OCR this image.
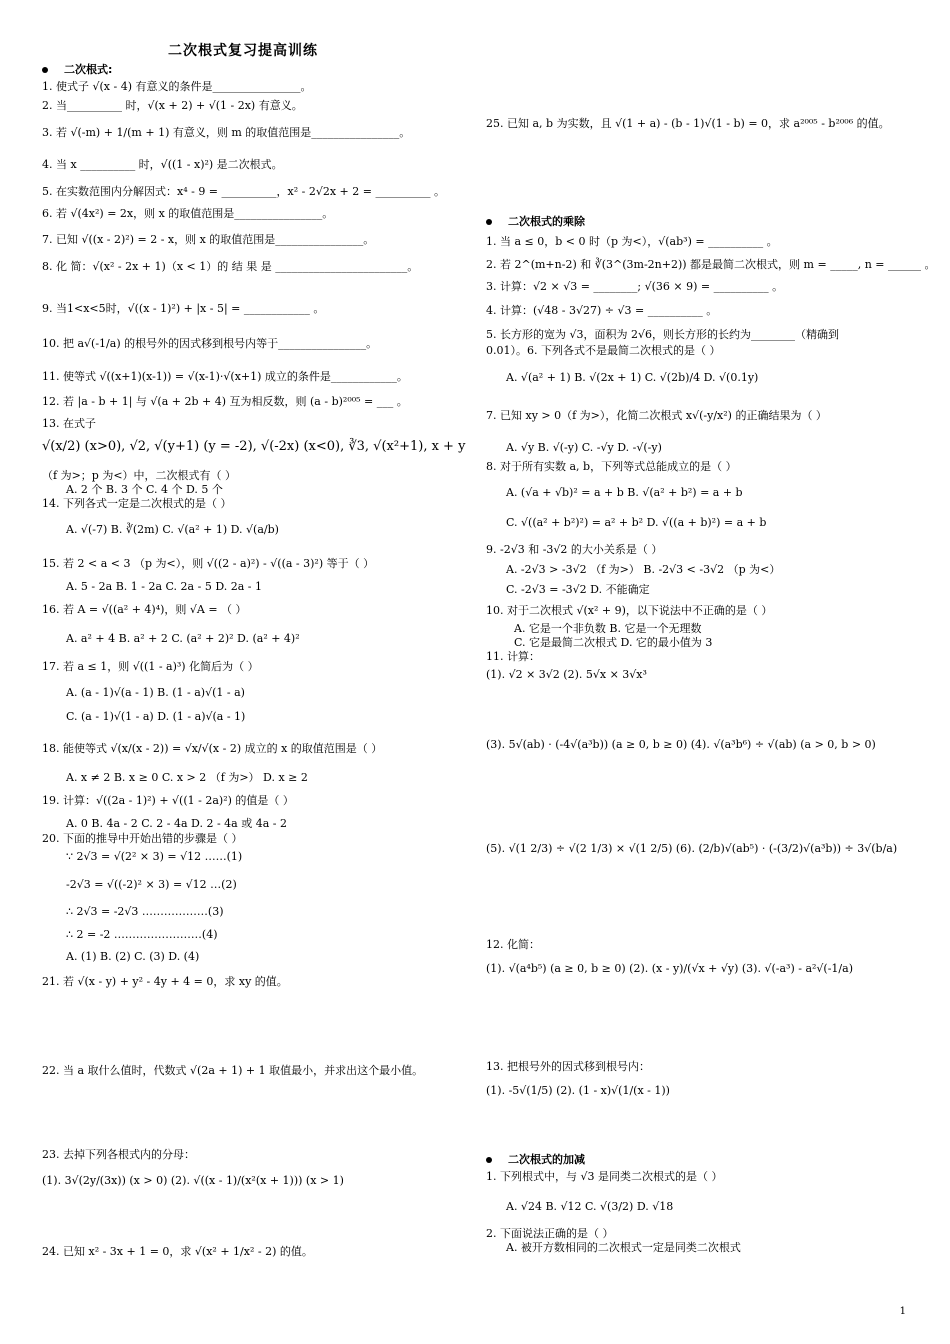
二次根式复习提高训练
二次根式:
1. 使式子 √(x - 4) 有意义的条件是________________。
2. 当__________ 时，√(x + 2) + √(1 - 2x) 有意义。
3. 若 √(-m) + 1/(m + 1) 有意义，则 m 的取值范围是________________。
4. 当 x __________ 时，√((1 - x)²) 是二次根式。
5. 在实数范围内分解因式：x⁴ - 9 = __________，x² - 2√2x + 2 = __________ 。
6. 若 √(4x²) = 2x，则 x 的取值范围是________________。
7. 已知 √((x - 2)²) = 2 - x，则 x 的取值范围是________________。
8. 化 简：√(x² - 2x + 1)（x < 1）的 结 果 是 ________________________。
9. 当1<x<5时，√((x - 1)²) + |x - 5| = ____________ 。
10. 把 a√(-1/a) 的根号外的因式移到根号内等于________________。
11. 使等式 √((x+1)(x-1)) = √(x-1)·√(x+1) 成立的条件是____________。
12. 若 |a - b + 1| 与 √(a + 2b + 4) 互为相反数，则 (a - b)²⁰⁰⁵ = ___ 。
13. 在式子
√(x/2) (x>0), √2, √(y+1) (y = -2), √(-2x) (x<0), ∛3, √(x²+1), x + y
（f 为>；p 为<）中，二次根式有（ ）
A. 2 个 B. 3 个 C. 4 个 D. 5 个
14. 下列各式一定是二次根式的是（ ）
A. √(-7) B. ∛(2m) C. √(a² + 1) D. √(a/b)
15. 若 2 < a < 3 （p 为<），则 √((2 - a)²) - √((a - 3)²) 等于（ ）
A. 5 - 2a B. 1 - 2a C. 2a - 5 D. 2a - 1
16. 若 A = √((a² + 4)⁴)，则 √A = （ ）
A. a² + 4 B. a² + 2 C. (a² + 2)² D. (a² + 4)²
17. 若 a ≤ 1，则 √((1 - a)³) 化简后为（ ）
A. (a - 1)√(a - 1) B. (1 - a)√(1 - a)
C. (a - 1)√(1 - a) D. (1 - a)√(a - 1)
18. 能使等式 √(x/(x - 2)) = √x/√(x - 2) 成立的 x 的取值范围是（ ）
A. x ≠ 2 B. x ≥ 0 C. x > 2 （f 为>） D. x ≥ 2
19. 计算：√((2a - 1)²) + √((1 - 2a)²) 的值是（ ）
A. 0 B. 4a - 2 C. 2 - 4a D. 2 - 4a 或 4a - 2
20. 下面的推导中开始出错的步骤是（ ）
∵ 2√3 = √(2² × 3) = √12 ……(1)
-2√3 = √((-2)² × 3) = √12 …(2)
∴ 2√3 = -2√3 ………………(3)
∴ 2 = -2 ……………………(4)
A. (1) B. (2) C. (3) D. (4)
21. 若 √(x - y) + y² - 4y + 4 = 0，求 xy 的值。
22. 当 a 取什么值时，代数式 √(2a + 1) + 1 取值最小，并求出这个最小值。
23. 去掉下列各根式内的分母：
(1). 3√(2y/(3x)) (x > 0) (2). √((x - 1)/(x²(x + 1))) (x > 1)
24. 已知 x² - 3x + 1 = 0，求 √(x² + 1/x² - 2) 的值。
25. 已知 a, b 为实数，且 √(1 + a) - (b - 1)√(1 - b) = 0，求 a²⁰⁰⁵ - b²⁰⁰⁶ 的值。
二次根式的乘除
1. 当 a ≤ 0，b < 0 时（p 为<），√(ab³) = __________ 。
2. 若 2^(m+n-2) 和 ∛(3^(3m-2n+2)) 都是最简二次根式，则 m = _____, n = ______ 。
3. 计算：√2 × √3 = ________; √(36 × 9) = __________ 。
4. 计算：(√48 - 3√27) ÷ √3 = __________ 。
5. 长方形的宽为 √3，面积为 2√6，则长方形的长约为________（精确到
0.01）。6. 下列各式不是最简二次根式的是（ ）
A. √(a² + 1) B. √(2x + 1) C. √(2b)/4 D. √(0.1y)
7. 已知 xy > 0（f 为>），化简二次根式 x√(-y/x²) 的正确结果为（ ）
A. √y B. √(-y) C. -√y D. -√(-y)
8. 对于所有实数 a, b，下列等式总能成立的是（ ）
A. (√a + √b)² = a + b B. √(a² + b²) = a + b
C. √((a² + b²)²) = a² + b² D. √((a + b)²) = a + b
9. -2√3 和 -3√2 的大小关系是（ ）
A. -2√3 > -3√2 （f 为>） B. -2√3 < -3√2 （p 为<）
C. -2√3 = -3√2 D. 不能确定
10. 对于二次根式 √(x² + 9)，以下说法中不正确的是（ ）
A. 它是一个非负数 B. 它是一个无理数
C. 它是最简二次根式 D. 它的最小值为 3
11. 计算：
(1). √2 × 3√2 (2). 5√x × 3√x³
(3). 5√(ab) · (-4√(a³b)) (a ≥ 0, b ≥ 0) (4). √(a³b⁶) ÷ √(ab) (a > 0, b > 0)
(5). √(1 2/3) ÷ √(2 1/3) × √(1 2/5) (6). (2/b)√(ab⁵) · (-(3/2)√(a³b)) ÷ 3√(b/a)
12. 化简：
(1). √(a⁴b⁵) (a ≥ 0, b ≥ 0) (2). (x - y)/(√x + √y) (3). √(-a³) - a²√(-1/a)
13. 把根号外的因式移到根号内：
(1). -5√(1/5) (2). (1 - x)√(1/(x - 1))
二次根式的加减
1. 下列根式中，与 √3 是同类二次根式的是（ ）
A. √24 B. √12 C. √(3/2) D. √18
2. 下面说法正确的是（ ）
A. 被开方数相同的二次根式一定是同类二次根式
1
